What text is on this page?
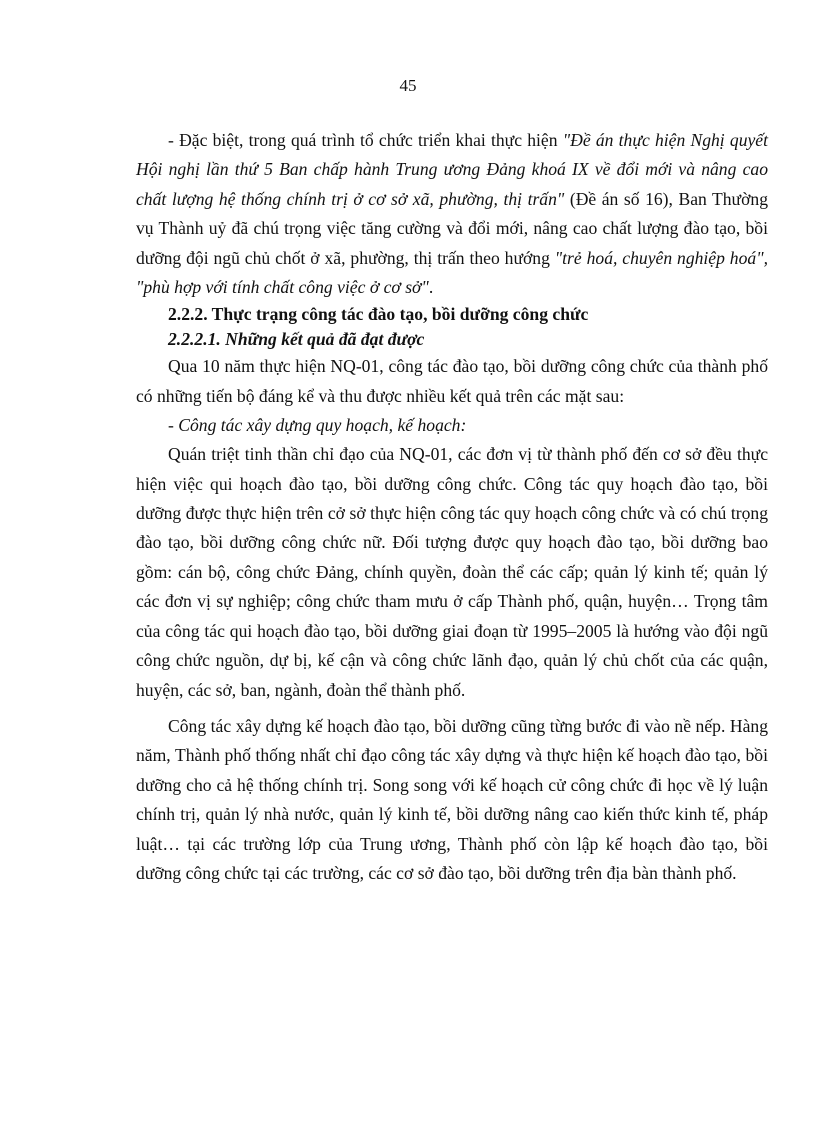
45

- Đặc biệt, trong quá trình tổ chức triển khai thực hiện "Đề án thực hiện Nghị quyết Hội nghị lần thứ 5 Ban chấp hành Trung ương Đảng khoá IX về đổi mới và nâng cao chất lượng hệ thống chính trị ở cơ sở xã, phường, thị trấn" (Đề án số 16), Ban Thường vụ Thành uỷ đã chú trọng việc tăng cường và đổi mới, nâng cao chất lượng đào tạo, bồi dưỡng đội ngũ chủ chốt ở xã, phường, thị trấn theo hướng "trẻ hoá, chuyên nghiệp hoá", "phù hợp với tính chất công việc ở cơ sở".

2.2.2. Thực trạng công tác đào tạo, bồi dưỡng công chức

2.2.2.1. Những kết quả đã đạt được

Qua 10 năm thực hiện NQ-01, công tác đào tạo, bồi dưỡng công chức của thành phố có những tiến bộ đáng kể và thu được nhiều kết quả trên các mặt sau:

- Công tác xây dựng quy hoạch, kế hoạch:

Quán triệt tinh thần chỉ đạo của NQ-01, các đơn vị từ thành phố đến cơ sở đều thực hiện việc qui hoạch đào tạo, bồi dưỡng công chức. Công tác quy hoạch đào tạo, bồi dưỡng được thực hiện trên cở sở thực hiện công tác quy hoạch công chức và có chú trọng đào tạo, bồi dưỡng công chức nữ. Đối tượng được quy hoạch đào tạo, bồi dưỡng bao gồm: cán bộ, công chức Đảng, chính quyền, đoàn thể các cấp; quản lý kinh tế; quản lý các đơn vị sự nghiệp; công chức tham mưu ở cấp Thành phố, quận, huyện… Trọng tâm của công tác qui hoạch đào tạo, bồi dưỡng giai đoạn từ 1995–2005 là hướng vào đội ngũ công chức nguồn, dự bị, kế cận và công chức lãnh đạo, quản lý chủ chốt của các quận, huyện, các sở, ban, ngành, đoàn thể thành phố.

Công tác xây dựng kế hoạch đào tạo, bồi dưỡng cũng từng bước đi vào nề nếp. Hàng năm, Thành phố thống nhất chỉ đạo công tác xây dựng và thực hiện kế hoạch đào tạo, bồi dưỡng cho cả hệ thống chính trị. Song song với kế hoạch cử công chức đi học về lý luận chính trị, quản lý nhà nước, quản lý kinh tế, bồi dưỡng nâng cao kiến thức kinh tế, pháp luật… tại các trường lớp của Trung ương, Thành phố còn lập kế hoạch đào tạo, bồi dưỡng công chức tại các trường, các cơ sở đào tạo, bồi dưỡng trên địa bàn thành phố.
